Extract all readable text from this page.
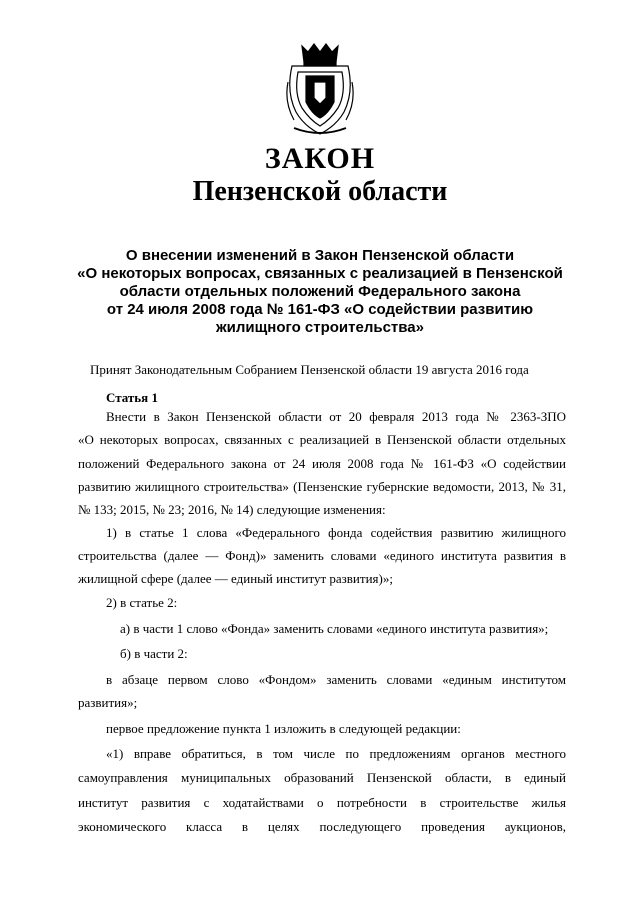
ЗАКОН
Пензенской области
О внесении изменений в Закон Пензенской области
«О некоторых вопросах, связанных с реализацией в Пензенской
области отдельных положений Федерального закона
от 24 июля 2008 года № 161-ФЗ «О содействии развитию
жилищного строительства»
Принят Законодательным Собранием Пензенской области 19 августа 2016 года
Статья 1
Внести в Закон Пензенской области от 20 февраля 2013 года № 2363-ЗПО
«О некоторых вопросах, связанных с реализацией в Пензенской области отдельных
положений Федерального закона от 24 июля 2008 года № 161-ФЗ «О содействии
развитию жилищного строительства» (Пензенские губернские ведомости, 2013, № 31,
№ 133; 2015, № 23; 2016, № 14) следующие изменения:
1) в статье 1 слова «Федерального фонда содействия развитию жилищного
строительства (далее — Фонд)» заменить словами «единого института развития в
жилищной сфере (далее — единый институт развития)»;
2) в статье 2:
а) в части 1 слово «Фонда» заменить словами «единого института развития»;
б) в части 2:
в абзаце первом слово «Фондом» заменить словами «единым институтом
развития»;
первое предложение пункта 1 изложить в следующей редакции:
«1) вправе обратиться, в том числе по предложениям органов местного
самоуправления муниципальных образований Пензенской области, в единый
институт развития с ходатайствами о потребности в строительстве жилья
экономического класса в целях последующего проведения аукционов,
